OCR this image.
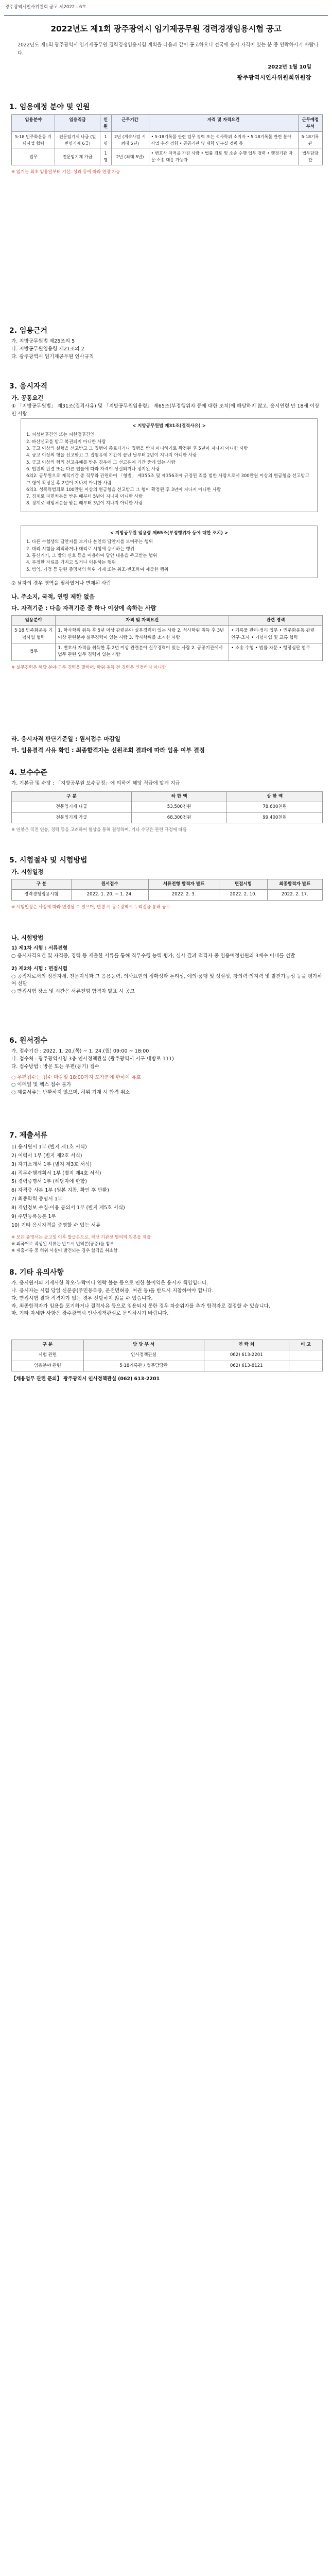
광주광역시인사위원회 공고 제2022 - 6호
2022년도 제1회 광주광역시 임기제공무원 경력경쟁임용시험 공고
2022년도 제1회 광주광역시 임기제공무원 경력경쟁임용시험 계획을 다음과 같이 공고하오니 전국에 응시 자격이 있는 분 중 연락하시기 바랍니다.
2022년 1월 10일
광주광역시인사위원회위원장
1. 임용예정 분야 및 인원
임용분야	임용직급	인원	근무기간	자격 및 자격요건	근무예정 부서
5·18 민주화운동 기념사업 협력	전문임기제 나급 (일반임기제 6급)	1명	2년 (계속사업 시 최대 5년)	• 5·18기록물 관련 업무 경력 또는 석사학위 소지자 • 5·18기록물 관련 분야 사업 추진 경험 • 공공기관 및 대학 연구실 경력 등	5·18기록관
법무	전문임기제 가급	1명	2년 (최대 5년)	• 변호사 자격을 가진 사람 • 법률 검토 및 소송 수행 업무 경력 • 행정기관 자문·소송 대응 가능자	법무담당관
※ 임기는 최초 임용일부터 기산, 성과 등에 따라 연장 가능
2. 임용근거
가. 지방공무원법 제25조의 5
나. 지방공무원임용령 제21조의 2
다. 광주광역시 임기제공무원 인사규칙
3. 응시자격
가. 공통요건
① 「지방공무원법」 제31조(결격사유) 및 「지방공무원임용령」 제65조(부정행위자 등에 대한 조치)에 해당하지 않고, 응시연령 만 18세 이상인 사람
< 지방공무원법 제31조(결격사유) >
1. 피성년후견인 또는 피한정후견인
2. 파산선고를 받고 복권되지 아니한 사람
3. 금고 이상의 실형을 선고받고 그 집행이 종료되거나 집행을 받지 아니하기로 확정된 후 5년이 지나지 아니한 사람
4. 금고 이상의 형을 선고받고 그 집행유예 기간이 끝난 날부터 2년이 지나지 아니한 사람
5. 금고 이상의 형의 선고유예를 받은 경우에 그 선고유예 기간 중에 있는 사람
6. 법원의 판결 또는 다른 법률에 따라 자격이 상실되거나 정지된 사람
6의2. 공무원으로 재직기간 중 직무와 관련하여 「형법」 제355조 및 제356조에 규정된 죄를 범한 사람으로서 300만원 이상의 벌금형을 선고받고 그 형이 확정된 후 2년이 지나지 아니한 사람
6의3. 성폭력범죄로 100만원 이상의 벌금형을 선고받고 그 형이 확정된 후 3년이 지나지 아니한 사람
7. 징계로 파면처분을 받은 때부터 5년이 지나지 아니한 사람
8. 징계로 해임처분을 받은 때부터 3년이 지나지 아니한 사람
< 지방공무원 임용령 제65조(부정행위자 등에 대한 조치) >
1. 다른 수험생의 답안지를 보거나 본인의 답안지를 보여주는 행위
2. 대리 시험을 의뢰하거나 대리로 시험에 응시하는 행위
3. 통신기기, 그 밖의 신호 등을 이용하여 답안 내용을 주고받는 행위
4. 부정한 자료를 가지고 있거나 이용하는 행위
5. 병역, 가점 등 관련 증명서의 허위 기재 또는 위조·변조하여 제출한 행위
② 남자의 경우 병역을 필하였거나 면제된 사람
나. 주소지, 국적, 연령 제한 없음
다. 자격기준 : 다음 자격기준 중 하나 이상에 속하는 사람
임용분야	자격 및 자격요건	관련 경력
5·18 민주화운동 기념사업 협력	1. 학사학위 취득 후 5년 이상 관련분야 실무경력이 있는 사람 2. 석사학위 취득 후 3년 이상 관련분야 실무경력이 있는 사람 3. 박사학위를 소지한 사람	• 기록물 관리·정리 업무 • 민주화운동 관련 연구·조사 • 기념사업 및 교류 협력
법무	1. 변호사 자격을 취득한 후 2년 이상 관련분야 실무경력이 있는 사람 2. 공공기관에서 법무 관련 업무 경력이 있는 사람	• 소송 수행 • 법률 자문 • 행정심판 업무
※ 실무경력은 해당 분야 근무 경력을 말하며, 학위 취득 전 경력은 인정하지 아니함
라. 응시자격 판단기준일 : 원서접수 마감일
마. 임용결격 사유 확인 : 최종합격자는 신원조회 결과에 따라 임용 여부 결정
4. 보수수준
가. 기본급 및 수당 : 「지방공무원 보수규정」에 의하여 해당 직급에 맞게 지급
구 분	하 한 액	상 한 액
전문임기제 나급	53,500천원	78,600천원
전문임기제 가급	68,300천원	99,400천원
※ 연봉은 직전 연봉, 경력 등을 고려하여 협상을 통해 결정하며, 기타 수당은 관련 규정에 따름
5. 시험절차 및 시험방법
가. 시험일정
구 분	원서접수	서류전형 합격자 발표	면접시험	최종합격자 발표
경력경쟁임용시험	2022. 1. 20. ~ 1. 24.	2022. 2. 3.	2022. 2. 10.	2022. 2. 17.
※ 시험일정은 사정에 따라 변경될 수 있으며, 변경 시 광주광역시 누리집을 통해 공고
나. 시험방법
1) 제1차 시험 : 서류전형
○ 응시자격요건 및 자격증, 경력 등 제출한 서류를 통해 직무수행 능력 평가, 심사 결과 적격자 중 임용예정인원의 3배수 이내를 선발
2) 제2차 시험 : 면접시험
○ 공직자로서의 정신자세, 전문지식과 그 응용능력, 의사표현의 정확성과 논리성, 예의·품행 및 성실성, 창의력·의지력 및 발전가능성 등을 평가하여 선발
○ 면접시험 장소 및 시간은 서류전형 합격자 발표 시 공고
6. 원서접수
가. 접수기간 : 2022. 1. 20.(목) ~ 1. 24.(월) 09:00 ~ 18:00
나. 접수처 : 광주광역시청 3층 인사정책관실 (광주광역시 서구 내방로 111)
다. 접수방법 : 방문 또는 우편(등기) 접수
○ 우편접수는 접수 마감일 18:00까지 도착분에 한하여 유효
○ 이메일 및 팩스 접수 불가
○ 제출서류는 반환하지 않으며, 허위 기재 시 합격 취소
7. 제출서류
1) 응시원서 1부 (별지 제1호 서식)
2) 이력서 1부 (별지 제2호 서식)
3) 자기소개서 1부 (별지 제3호 서식)
4) 직무수행계획서 1부 (별지 제4호 서식)
5) 경력증명서 1부 (해당자에 한함)
6) 자격증 사본 1부 (원본 지참, 확인 후 반환)
7) 최종학력 증명서 1부
8) 개인정보 수집·이용 동의서 1부 (별지 제5호 서식)
9) 주민등록등본 1부
10) 기타 응시자격을 증명할 수 있는 서류
※ 모든 증명서는 공고일 이후 발급분으로, 해당 기관장 명의의 원본을 제출
※ 외국어로 작성된 서류는 반드시 번역본(공증)을 첨부
※ 제출서류 중 허위 사실이 발견되는 경우 합격을 취소함
8. 기타 유의사항
가. 응시원서의 기재사항 착오·누락이나 연락 불능 등으로 인한 불이익은 응시자 책임입니다.
나. 응시자는 시험 당일 신분증(주민등록증, 운전면허증, 여권 등)을 반드시 지참하여야 합니다.
다. 면접시험 결과 적격자가 없는 경우 선발하지 않을 수 있습니다.
라. 최종합격자가 임용을 포기하거나 결격사유 등으로 임용되지 못한 경우 차순위자를 추가 합격자로 결정할 수 있습니다.
마. 기타 자세한 사항은 광주광역시 인사정책관실로 문의하시기 바랍니다.
구 분	담 당 부 서	연 락 처	비 고
시험 관련	인사정책관실	062) 613-2201	
임용분야 관련	5·18기록관 / 법무담당관	062) 613-8121	
【채용업무 관련 문의】 광주광역시 인사정책관실 (062) 613-2201
